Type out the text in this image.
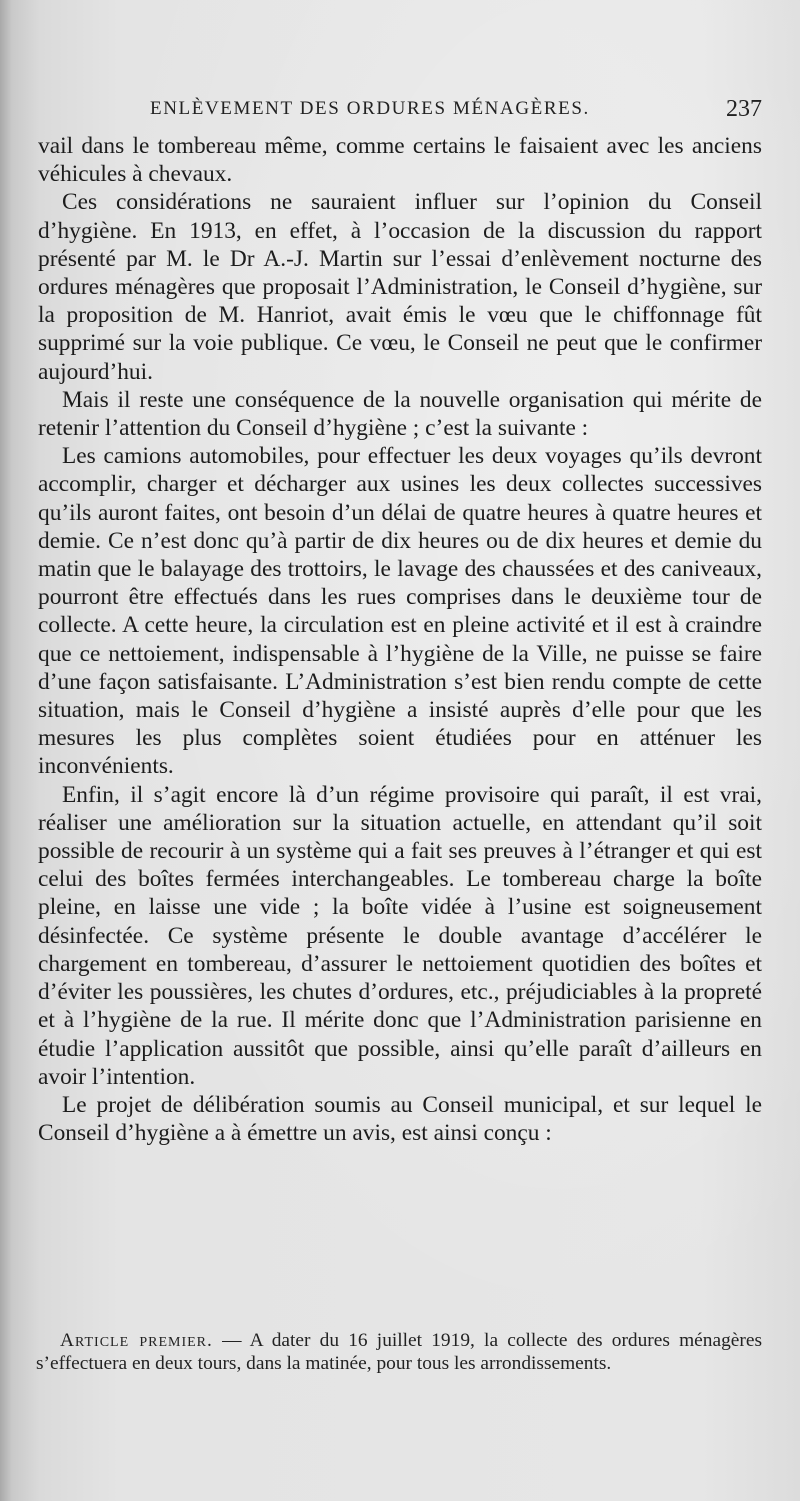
ENLÈVEMENT DES ORDURES MÉNAGÈRES.	237

vail dans le tombereau même, comme certains le faisaient avec les anciens véhicules à chevaux.

Ces considérations ne sauraient influer sur l’opinion du Conseil d’hygiène. En 1913, en effet, à l’occasion de la discussion du rapport présenté par M. le Dr A.-J. Martin sur l’essai d’enlèvement nocturne des ordures ménagères que proposait l’Administration, le Conseil d’hygiène, sur la proposition de M. Hanriot, avait émis le vœu que le chiffonnage fût supprimé sur la voie publique. Ce vœu, le Conseil ne peut que le confirmer aujourd’hui.

Mais il reste une conséquence de la nouvelle organisation qui mérite de retenir l’attention du Conseil d’hygiène ; c’est la suivante :

Les camions automobiles, pour effectuer les deux voyages qu’ils devront accomplir, charger et décharger aux usines les deux collectes successives qu’ils auront faites, ont besoin d’un délai de quatre heures à quatre heures et demie. Ce n’est donc qu’à partir de dix heures ou de dix heures et demie du matin que le balayage des trottoirs, le lavage des chaussées et des caniveaux, pourront être effectués dans les rues comprises dans le deuxième tour de collecte. A cette heure, la circulation est en pleine activité et il est à craindre que ce nettoiement, indispensable à l’hygiène de la Ville, ne puisse se faire d’une façon satisfaisante. L’Administration s’est bien rendu compte de cette situation, mais le Conseil d’hygiène a insisté auprès d’elle pour que les mesures les plus complètes soient étudiées pour en atténuer les inconvénients.

Enfin, il s’agit encore là d’un régime provisoire qui paraît, il est vrai, réaliser une amélioration sur la situation actuelle, en attendant qu’il soit possible de recourir à un système qui a fait ses preuves à l’étranger et qui est celui des boîtes fermées interchangeables. Le tombereau charge la boîte pleine, en laisse une vide ; la boîte vidée à l’usine est soigneusement désinfectée. Ce système présente le double avantage d’accélérer le chargement en tombereau, d’assurer le nettoiement quotidien des boîtes et d’éviter les poussières, les chutes d’ordures, etc., préjudiciables à la propreté et à l’hygiène de la rue. Il mérite donc que l’Administration parisienne en étudie l’application aussitôt que possible, ainsi qu’elle paraît d’ailleurs en avoir l’intention.

Le projet de délibération soumis au Conseil municipal, et sur lequel le Conseil d’hygiène a à émettre un avis, est ainsi conçu :

Article premier. — A dater du 16 juillet 1919, la collecte des ordures ménagères s’effectuera en deux tours, dans la matinée, pour tous les arrondissements.
